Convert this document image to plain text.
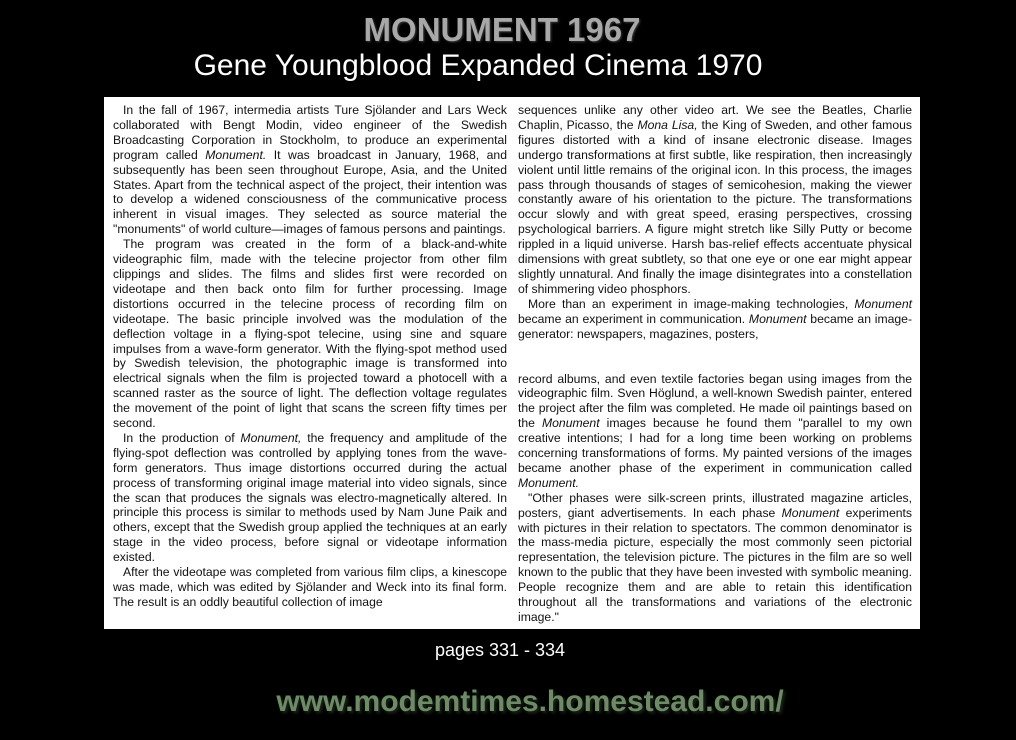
MONUMENT 1967
Gene Youngblood Expanded Cinema 1970

In the fall of 1967, intermedia artists Ture Sjölander and Lars Weck collaborated with Bengt Modin, video engineer of the Swedish Broadcasting Corporation in Stockholm, to produce an experimental program called Monument. It was broadcast in January, 1968, and subsequently has been seen throughout Europe, Asia, and the United States. Apart from the technical aspect of the project, their intention was to develop a widened consciousness of the communicative process inherent in visual images. They selected as source material the "monuments" of world culture—images of famous persons and paintings.

The program was created in the form of a black-and-white videographic film, made with the telecine projector from other film clippings and slides. The films and slides first were recorded on videotape and then back onto film for further processing. Image distortions occurred in the telecine process of recording film on videotape. The basic principle involved was the modulation of the deflection voltage in a flying-spot telecine, using sine and square impulses from a wave-form generator. With the flying-spot method used by Swedish television, the photographic image is transformed into electrical signals when the film is projected toward a photocell with a scanned raster as the source of light. The deflection voltage regulates the movement of the point of light that scans the screen fifty times per second.

In the production of Monument, the frequency and amplitude of the flying-spot deflection was controlled by applying tones from the wave-form generators. Thus image distortions occurred during the actual process of transforming original image material into video signals, since the scan that produces the signals was electro-magnetically altered. In principle this process is similar to methods used by Nam June Paik and others, except that the Swedish group applied the techniques at an early stage in the video process, before signal or videotape information existed.

After the videotape was completed from various film clips, a kinescope was made, which was edited by Sjölander and Weck into its final form. The result is an oddly beautiful collection of image

sequences unlike any other video art. We see the Beatles, Charlie Chaplin, Picasso, the Mona Lisa, the King of Sweden, and other famous figures distorted with a kind of insane electronic disease. Images undergo transformations at first subtle, like respiration, then increasingly violent until little remains of the original icon. In this process, the images pass through thousands of stages of semicohesion, making the viewer constantly aware of his orientation to the picture. The transformations occur slowly and with great speed, erasing perspectives, crossing psychological barriers. A figure might stretch like Silly Putty or become rippled in a liquid universe. Harsh bas-relief effects accentuate physical dimensions with great subtlety, so that one eye or one ear might appear slightly unnatural. And finally the image disintegrates into a constellation of shimmering video phosphors.

More than an experiment in image-making technologies, Monument became an experiment in communication. Monument became an image-generator: newspapers, magazines, posters,

record albums, and even textile factories began using images from the videographic film. Sven Höglund, a well-known Swedish painter, entered the project after the film was completed. He made oil paintings based on the Monument images because he found them "parallel to my own creative intentions; I had for a long time been working on problems concerning transformations of forms. My painted versions of the images became another phase of the experiment in communication called Monument.

"Other phases were silk-screen prints, illustrated magazine articles, posters, giant advertisements. In each phase Monument experiments with pictures in their relation to spectators. The common denominator is the mass-media picture, especially the most commonly seen pictorial representation, the television picture. The pictures in the film are so well known to the public that they have been invested with symbolic meaning. People recognize them and are able to retain this identification throughout all the transformations and variations of the electronic image."

pages 331 - 334
www.modemtimes.homestead.com/
